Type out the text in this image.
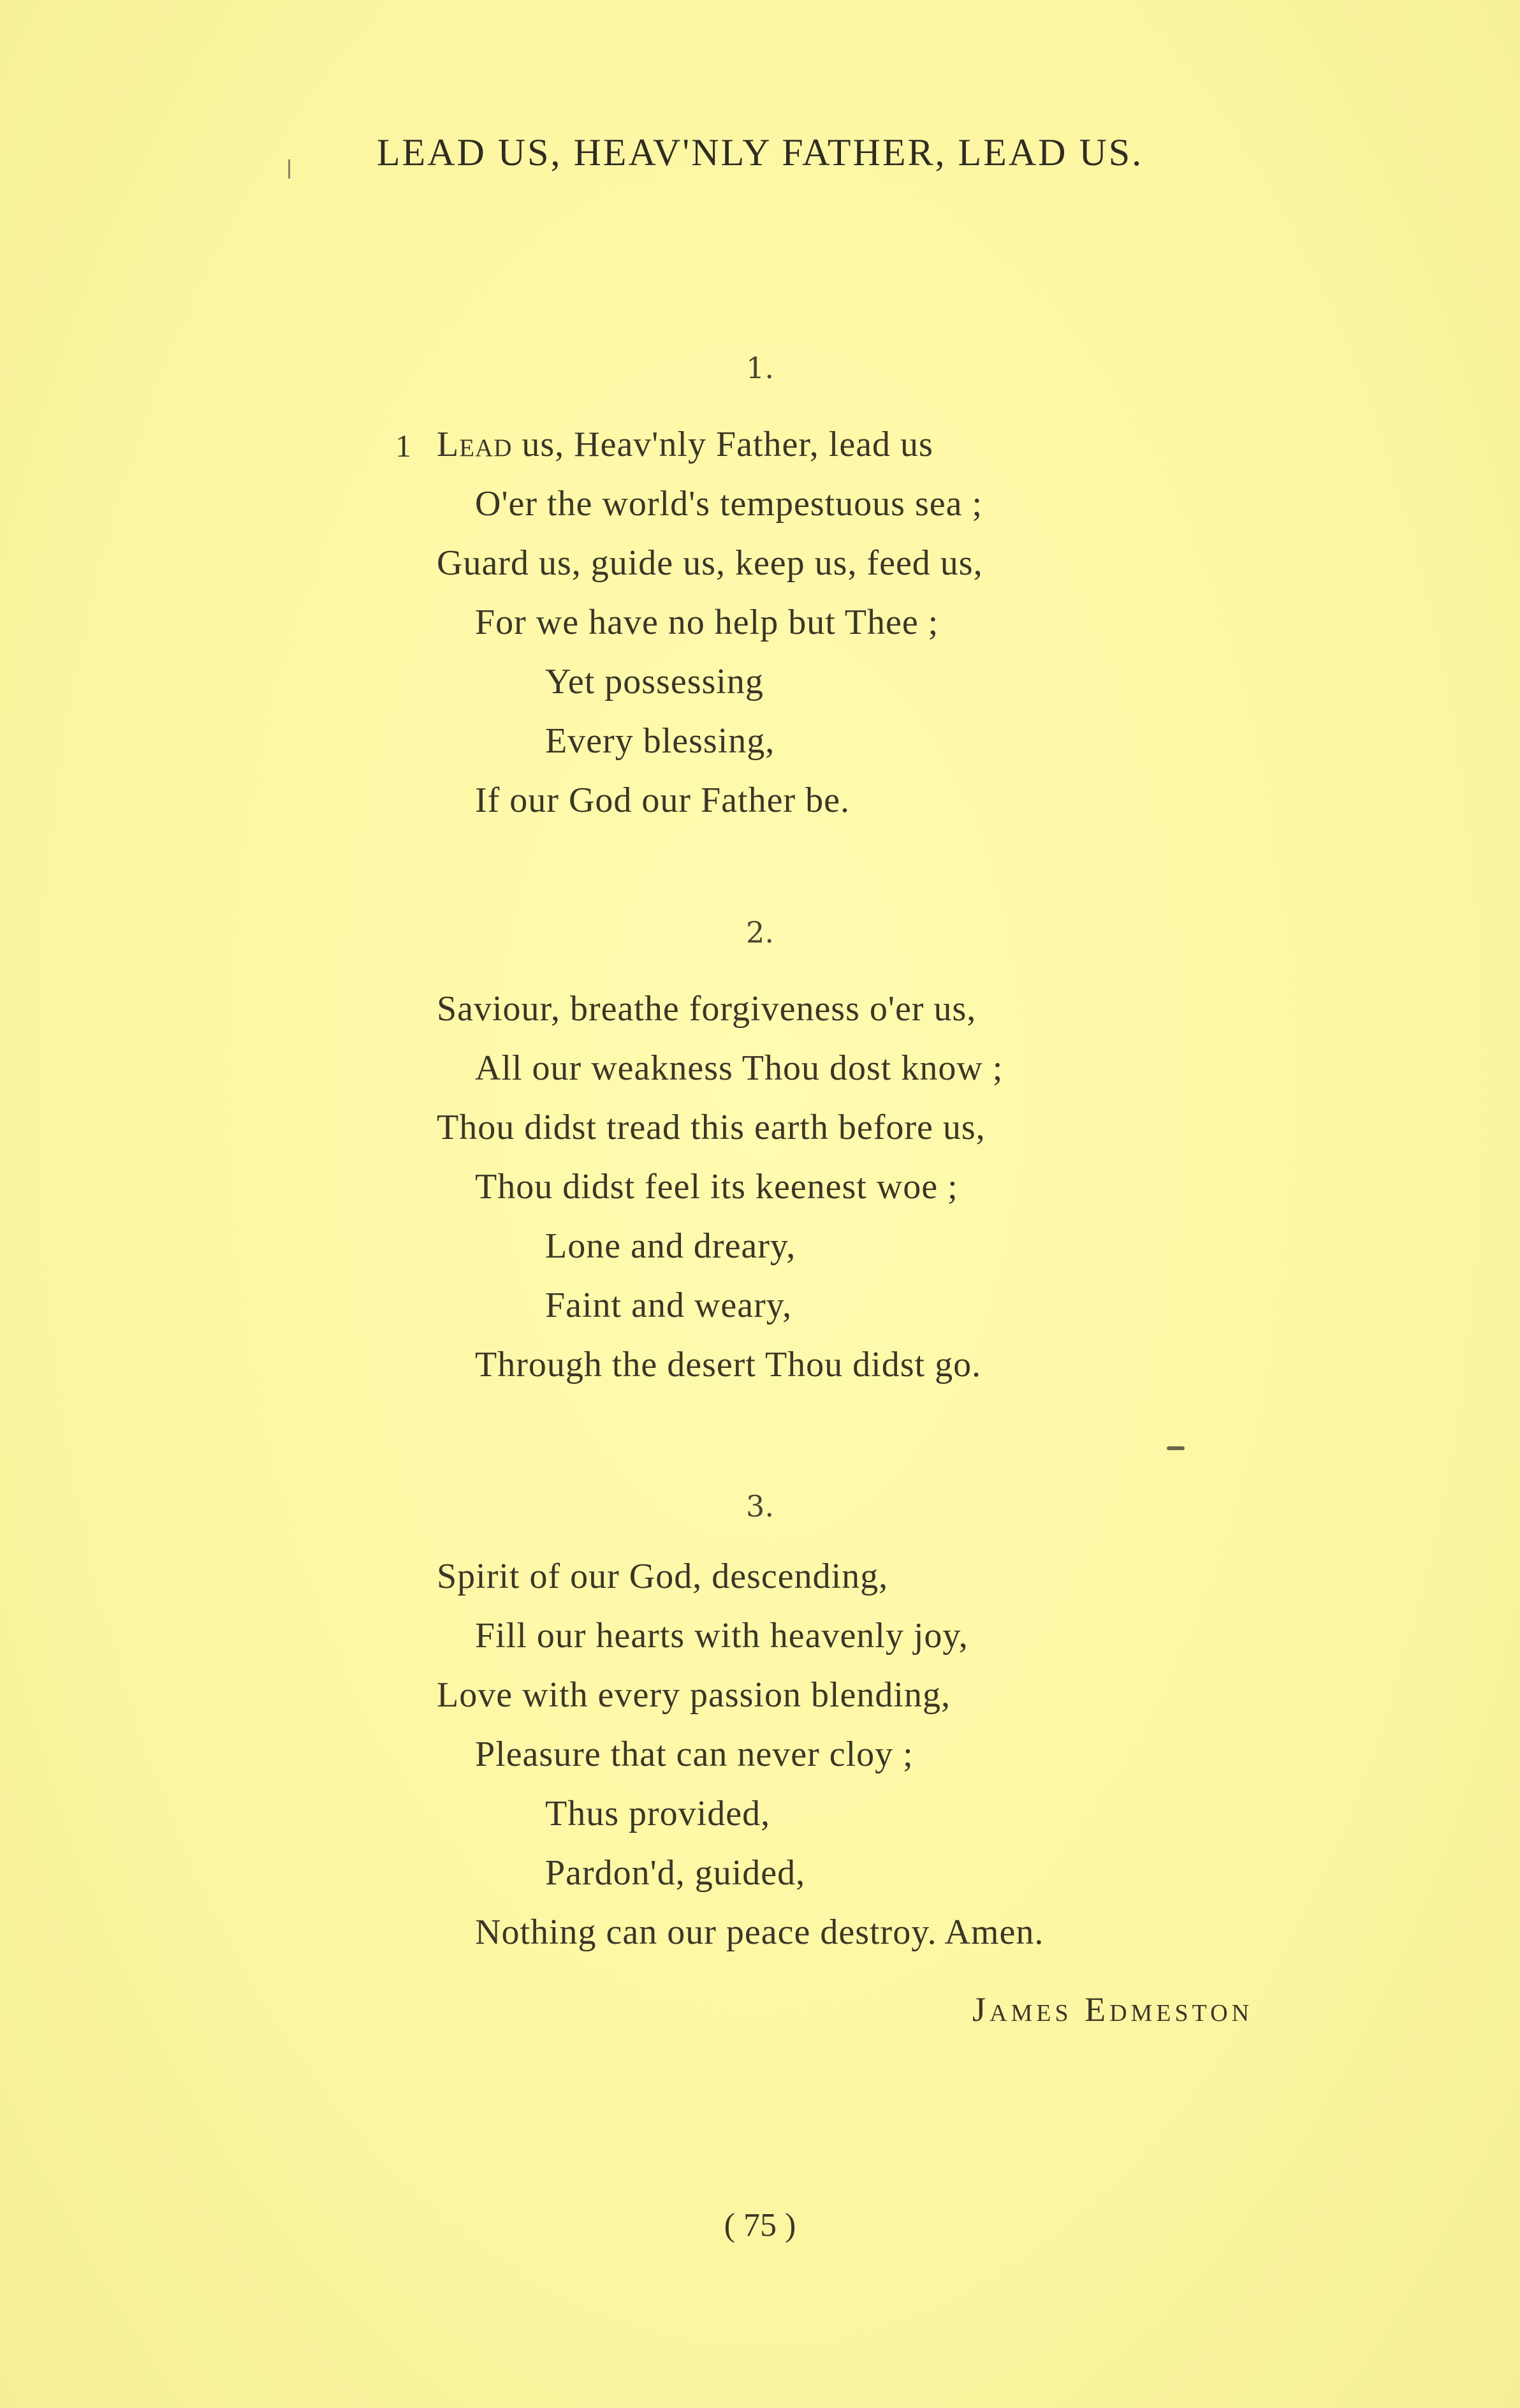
LEAD US, HEAV'NLY FATHER, LEAD US.
1.
1 Lead us, Heav'nly Father, lead us
O'er the world's tempestuous sea ;
Guard us, guide us, keep us, feed us,
For we have no help but Thee ;
Yet possessing
Every blessing,
If our God our Father be.
2.
Saviour, breathe forgiveness o'er us,
All our weakness Thou dost know ;
Thou didst tread this earth before us,
Thou didst feel its keenest woe ;
Lone and dreary,
Faint and weary,
Through the desert Thou didst go.
3.
Spirit of our God, descending,
Fill our hearts with heavenly joy,
Love with every passion blending,
Pleasure that can never cloy ;
Thus provided,
Pardon'd, guided,
Nothing can our peace destroy. Amen.
James Edmeston
( 75 )
